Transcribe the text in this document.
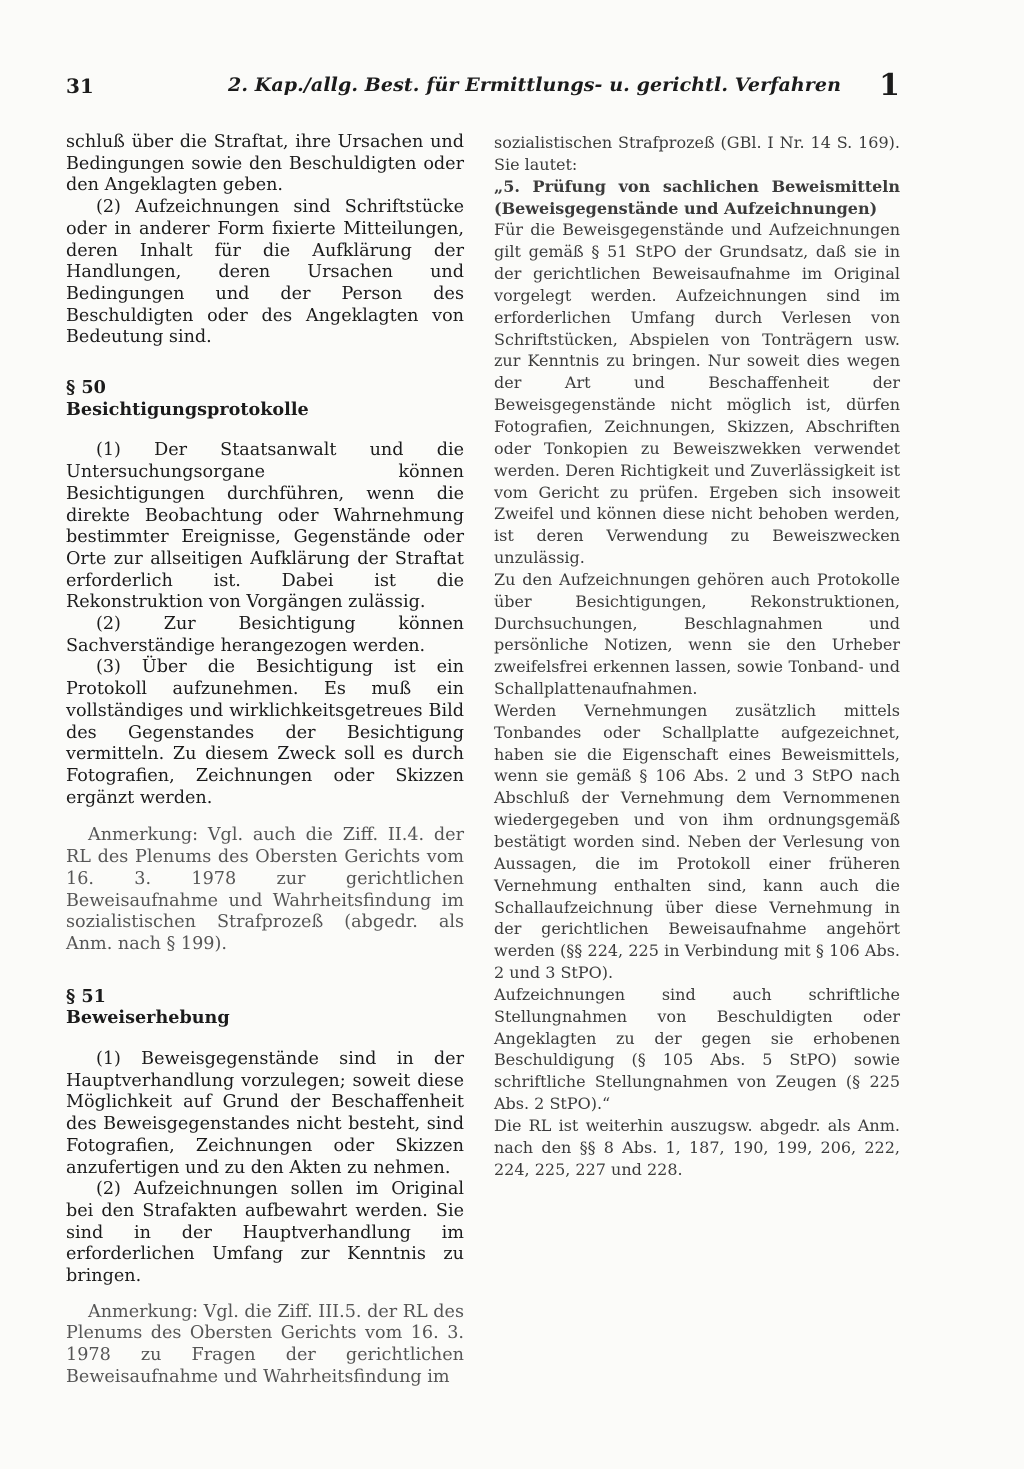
31	2. Kap./allg. Best. für Ermittlungs- u. gerichtl. Verfahren 1

schluß über die Straftat, ihre Ursachen und Bedingungen sowie den Beschuldigten oder den Angeklagten geben.

(2) Aufzeichnungen sind Schriftstücke oder in anderer Form fixierte Mitteilungen, deren Inhalt für die Aufklärung der Handlungen, deren Ursachen und Bedingungen und der Person des Beschuldigten oder des Angeklagten von Bedeutung sind.

§ 50

Besichtigungsprotokolle

(1) Der Staatsanwalt und die Untersuchungsorgane können Besichtigungen durchführen, wenn die direkte Beobachtung oder Wahrnehmung bestimmter Ereignisse, Gegenstände oder Orte zur allseitigen Aufklärung der Straftat erforderlich ist. Dabei ist die Rekonstruktion von Vorgängen zulässig.

(2) Zur Besichtigung können Sachverständige herangezogen werden.

(3) Über die Besichtigung ist ein Protokoll aufzunehmen. Es muß ein vollständiges und wirklichkeitsgetreues Bild des Gegenstandes der Besichtigung vermitteln. Zu diesem Zweck soll es durch Fotografien, Zeichnungen oder Skizzen ergänzt werden.

Anmerkung: Vgl. auch die Ziff. II.4. der RL des Plenums des Obersten Gerichts vom 16. 3. 1978 zur gerichtlichen Beweisaufnahme und Wahrheitsfindung im sozialistischen Strafprozeß (abgedr. als Anm. nach § 199).

§ 51

Beweiserhebung

(1) Beweisgegenstände sind in der Hauptverhandlung vorzulegen; soweit diese Möglichkeit auf Grund der Beschaffenheit des Beweisgegenstandes nicht besteht, sind Fotografien, Zeichnungen oder Skizzen anzufertigen und zu den Akten zu nehmen.

(2) Aufzeichnungen sollen im Original bei den Strafakten aufbewahrt werden. Sie sind in der Hauptverhandlung im erforderlichen Umfang zur Kenntnis zu bringen.

Anmerkung: Vgl. die Ziff. III.5. der RL des Plenums des Obersten Gerichts vom 16. 3. 1978 zu Fragen der gerichtlichen Beweisaufnahme und Wahrheitsfindung im

sozialistischen Strafprozeß (GBl. I Nr. 14 S. 169). Sie lautet:

„5. Prüfung von sachlichen Beweismitteln (Beweisgegenstände und Aufzeichnungen)

Für die Beweisgegenstände und Aufzeichnungen gilt gemäß § 51 StPO der Grundsatz, daß sie in der gerichtlichen Beweisaufnahme im Original vorgelegt werden. Aufzeichnungen sind im erforderlichen Umfang durch Verlesen von Schriftstücken, Abspielen von Tonträgern usw. zur Kenntnis zu bringen. Nur soweit dies wegen der Art und Beschaffenheit der Beweisgegenstände nicht möglich ist, dürfen Fotografien, Zeichnungen, Skizzen, Abschriften oder Tonkopien zu Beweiszwekken verwendet werden. Deren Richtigkeit und Zuverlässigkeit ist vom Gericht zu prüfen. Ergeben sich insoweit Zweifel und können diese nicht behoben werden, ist deren Verwendung zu Beweiszwecken unzulässig.

Zu den Aufzeichnungen gehören auch Protokolle über Besichtigungen, Rekonstruktionen, Durchsuchungen, Beschlagnahmen und persönliche Notizen, wenn sie den Urheber zweifelsfrei erkennen lassen, sowie Tonband- und Schallplattenaufnahmen.

Werden Vernehmungen zusätzlich mittels Tonbandes oder Schallplatte aufgezeichnet, haben sie die Eigenschaft eines Beweismittels, wenn sie gemäß § 106 Abs. 2 und 3 StPO nach Abschluß der Vernehmung dem Vernommenen wiedergegeben und von ihm ordnungsgemäß bestätigt worden sind. Neben der Verlesung von Aussagen, die im Protokoll einer früheren Vernehmung enthalten sind, kann auch die Schallaufzeichnung über diese Vernehmung in der gerichtlichen Beweisaufnahme angehört werden (§§ 224, 225 in Verbindung mit § 106 Abs. 2 und 3 StPO).

Aufzeichnungen sind auch schriftliche Stellungnahmen von Beschuldigten oder Angeklagten zu der gegen sie erhobenen Beschuldigung (§ 105 Abs. 5 StPO) sowie schriftliche Stellungnahmen von Zeugen (§ 225 Abs. 2 StPO).“

Die RL ist weiterhin auszugsw. abgedr. als Anm. nach den §§ 8 Abs. 1, 187, 190, 199, 206, 222, 224, 225, 227 und 228.
